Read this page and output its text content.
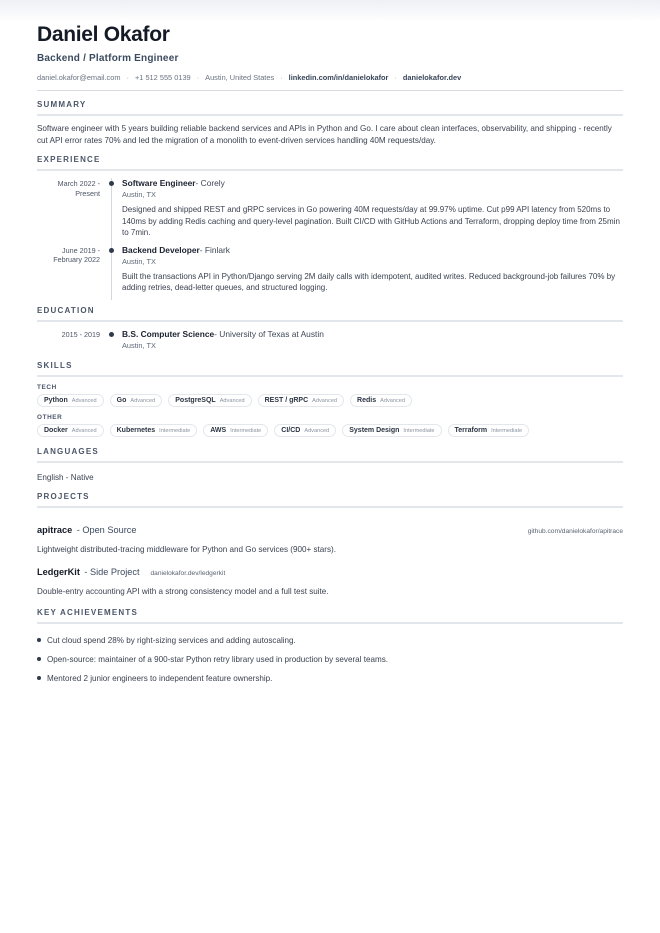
Daniel Okafor
Backend / Platform Engineer
daniel.okafor@email.com · +1 512 555 0139 · Austin, United States · linkedin.com/in/danielokafor · danielokafor.dev
SUMMARY
Software engineer with 5 years building reliable backend services and APIs in Python and Go. I care about clean interfaces, observability, and shipping - recently cut API error rates 70% and led the migration of a monolith to event-driven services handling 40M requests/day.
EXPERIENCE
March 2022 -
Present
Software Engineer- Corely
Austin, TX
Designed and shipped REST and gRPC services in Go powering 40M requests/day at 99.97% uptime. Cut p99 API latency from 520ms to 140ms by adding Redis caching and query-level pagination. Built CI/CD with GitHub Actions and Terraform, dropping deploy time from 25min to 7min.
June 2019 -
February 2022
Backend Developer- Finlark
Austin, TX
Built the transactions API in Python/Django serving 2M daily calls with idempotent, audited writes. Reduced background-job failures 70% by adding retries, dead-letter queues, and structured logging.
EDUCATION
2015 - 2019	B.S. Computer Science- University of Texas at Austin
Austin, TX
SKILLS
TECH
Python Advanced	Go Advanced	PostgreSQL Advanced	REST / gRPC Advanced	Redis Advanced
OTHER
Docker Advanced	Kubernetes Intermediate	AWS Intermediate	CI/CD Advanced	System Design Intermediate	Terraform Intermediate
LANGUAGES
English - Native
PROJECTS
apitrace
- Open Source	github.com/danielokafor/apitrace
Lightweight distributed-tracing middleware for Python and Go services (900+ stars).
LedgerKit
- Side Project danielokafor.dev/ledgerkit
Double-entry accounting API with a strong consistency model and a full test suite.
KEY ACHIEVEMENTS
Cut cloud spend 28% by right-sizing services and adding autoscaling.
Open-source: maintainer of a 900-star Python retry library used in production by several teams.
Mentored 2 junior engineers to independent feature ownership.
